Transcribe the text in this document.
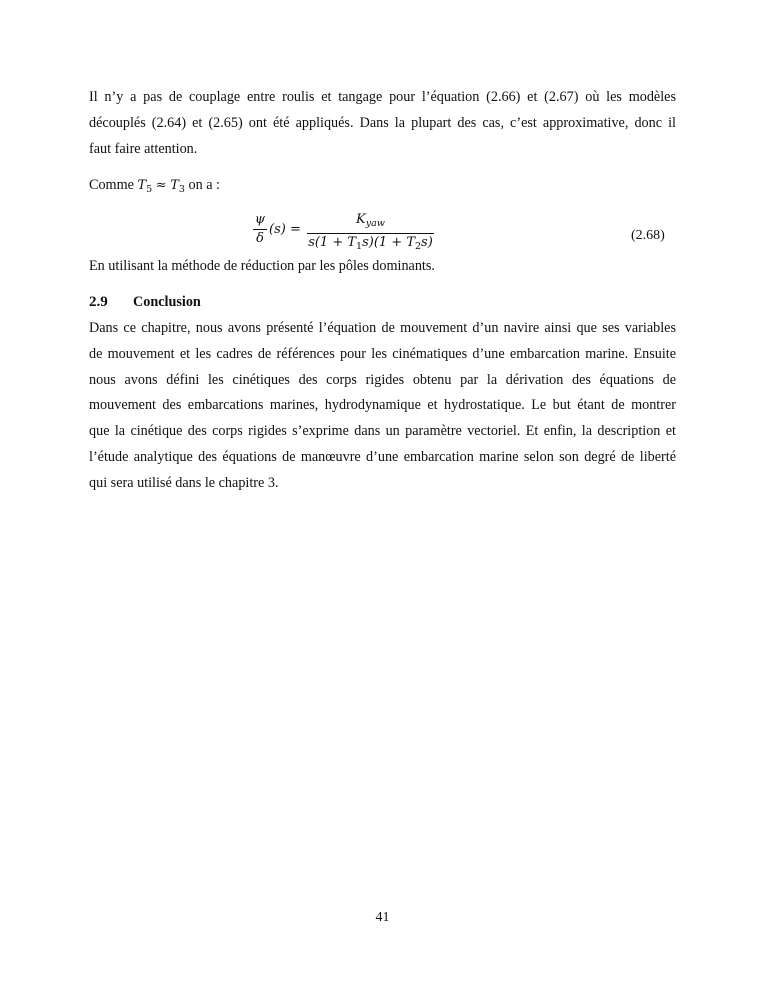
Il n’y a pas de couplage entre roulis et tangage pour l’équation (2.66) et (2.67) où les modèles
découplés (2.64) et (2.65) ont été appliqués. Dans la plupart des cas, c’est approximative, donc il
faut faire attention.

Comme $T_5 \approx T_3$ on a :

ψ
δ
(s) =
$K_{yaw}$
$s(1 + T_1s)(1 + T_2s)$	(2.68)

En utilisant la méthode de réduction par les pôles dominants.

2.9 Conclusion

Dans ce chapitre, nous avons présenté l’équation de mouvement d’un navire ainsi que ses variables
de mouvement et les cadres de références pour les cinématiques d’une embarcation marine. Ensuite
nous avons défini les cinétiques des corps rigides obtenu par la dérivation des équations de
mouvement des embarcations marines, hydrodynamique et hydrostatique. Le but étant de montrer
que la cinétique des corps rigides s’exprime dans un paramètre vectoriel. Et enfin, la description et
l’étude analytique des équations de manœuvre d’une embarcation marine selon son degré de liberté
qui sera utilisé dans le chapitre 3.

41
